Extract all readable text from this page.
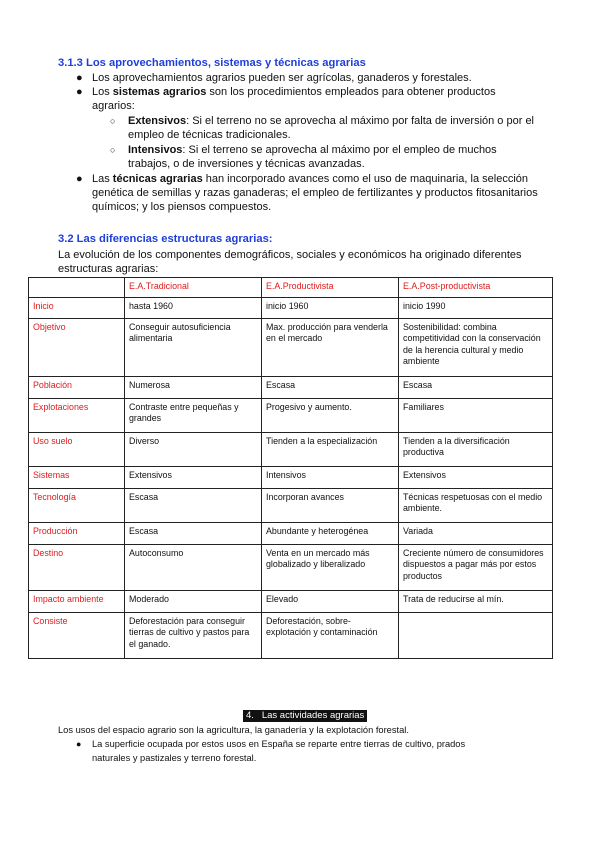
3.1.3 Los aprovechamientos, sistemas y técnicas agrarias
● Los aprovechamientos agrarios pueden ser agrícolas, ganaderos y forestales.
● Los sistemas agrarios son los procedimientos empleados para obtener productos
agrarios:
○ Extensivos: Si el terreno no se aprovecha al máximo por falta de inversión o por el
empleo de técnicas tradicionales.
○ Intensivos: Si el terreno se aprovecha al máximo por el empleo de muchos
trabajos, o de inversiones y técnicas avanzadas.
● Las técnicas agrarias han incorporado avances como el uso de maquinaria, la selección
genética de semillas y razas ganaderas; el empleo de fertilizantes y productos fitosanitarios
químicos; y los piensos compuestos.
3.2 Las diferencias estructuras agrarias:
La evolución de los componentes demográficos, sociales y económicos ha originado diferentes
estructuras agrarias:
	E.A.Tradicional	E.A.Productivista	E.A.Post-productivista
Inicio	hasta 1960	inicio 1960	inicio 1990
Objetivo	Conseguir autosuficiencia alimentaria	Max. producción para venderla en el mercado	Sostenibilidad: combina competitividad con la conservación de la herencia cultural y medio ambiente
Población	Numerosa	Escasa	Escasa
Explotaciones	Contraste entre pequeñas y grandes	Progesivo y aumento.	Familiares
Uso suelo	Diverso	Tienden a la especialización	Tienden a la diversificación productiva
Sistemas	Extensivos	Intensivos	Extensivos
Tecnología	Escasa	Incorporan avances	Técnicas respetuosas con el medio ambiente.
Producción	Escasa	Abundante y heterogénea	Variada
Destino	Autoconsumo	Venta en un mercado más globalizado y liberalizado	Creciente número de consumidores dispuestos a pagar más por estos productos
Impacto ambiente	Moderado	Elevado	Trata de reducirse al mín.
Consiste	Deforestación para conseguir tierras de cultivo y pastos para el ganado.	Deforestación, sobre-explotación y contaminación	
4.   Las actividades agrarias
Los usos del espacio agrario son la agricultura, la ganadería y la explotación forestal.
● La superficie ocupada por estos usos en España se reparte entre tierras de cultivo, prados
naturales y pastizales y terreno forestal.
